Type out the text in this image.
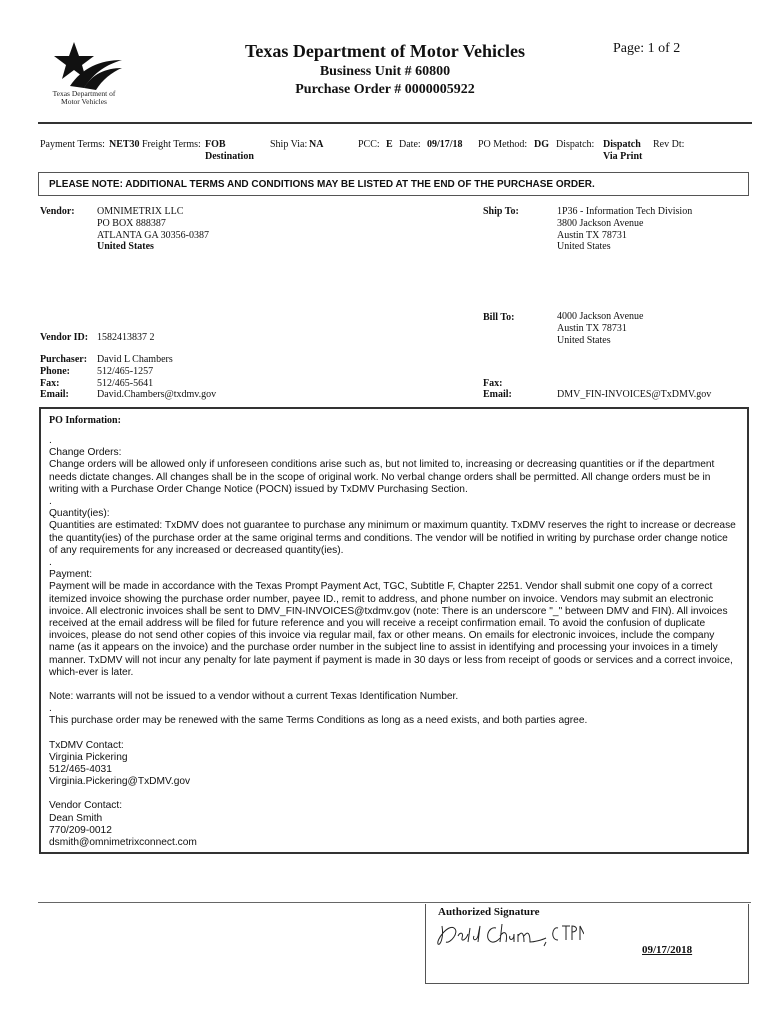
Texas Department of Motor Vehicles
Texas Department of Motor Vehicles
Business Unit # 60800
Purchase Order # 0000005922
Page: 1 of 2
Payment Terms: NET30 Freight Terms: FOB
Destination
Ship Via: NA	PCC: E Date: 09/17/18 PO Method: DG Dispatch: Dispatch
Via Print
Rev Dt:
PLEASE NOTE: ADDITIONAL TERMS AND CONDITIONS MAY BE LISTED AT THE END OF THE PURCHASE ORDER.
Vendor: OMNIMETRIX LLC
PO BOX 888387
ATLANTA GA 30356-0387
United States
Ship To:	1P36 - Information Tech Division
3800 Jackson Avenue
Austin TX 78731
United States
Bill To:	4000 Jackson Avenue
Austin TX 78731
United States
Vendor ID: 1582413837 2
Purchaser: David L Chambers
Phone:	512/465-1257
Fax:	512/465-5641
Email:	David.Chambers@txdmv.gov
Fax:
Email:	DMV_FIN-INVOICES@TxDMV.gov
PO Information:
.
Change Orders:
Change orders will be allowed only if unforeseen conditions arise such as, but not limited to, increasing or decreasing quantities or if the department needs dictate changes. All changes shall be in the scope of original work. No verbal change orders shall be permitted. All change orders must be in writing with a Purchase Order Change Notice (POCN) issued by TxDMV Purchasing Section.
.
Quantity(ies):
Quantities are estimated: TxDMV does not guarantee to purchase any minimum or maximum quantity. TxDMV reserves the right to increase or decrease the quantity(ies) of the purchase order at the same original terms and conditions. The vendor will be notified in writing by purchase order change notice of any requirements for any increased or decreased quantity(ies).
.
Payment:
Payment will be made in accordance with the Texas Prompt Payment Act, TGC, Subtitle F, Chapter 2251. Vendor shall submit one copy of a correct itemized invoice showing the purchase order number, payee ID., remit to address, and phone number on invoice. Vendors may submit an electronic invoice. All electronic invoices shall be sent to DMV_FIN-INVOICES@txdmv.gov (note: There is an underscore "_" between DMV and FIN). All invoices received at the email address will be filed for future reference and you will receive a receipt confirmation email. To avoid the confusion of duplicate invoices, please do not send other copies of this invoice via regular mail, fax or other means. On emails for electronic invoices, include the company name (as it appears on the invoice) and the purchase order number in the subject line to assist in identifying and processing your invoices in a timely manner. TxDMV will not incur any penalty for late payment if payment is made in 30 days or less from receipt of goods or services and a correct invoice, which-ever is later.
Note: warrants will not be issued to a vendor without a current Texas Identification Number.
.
This purchase order may be renewed with the same Terms Conditions as long as a need exists, and both parties agree.
TxDMV Contact:
Virginia Pickering
512/465-4031
Virginia.Pickering@TxDMV.gov
Vendor Contact:
Dean Smith
770/209-0012
dsmith@omnimetrixconnect.com
Authorized Signature
09/17/2018
